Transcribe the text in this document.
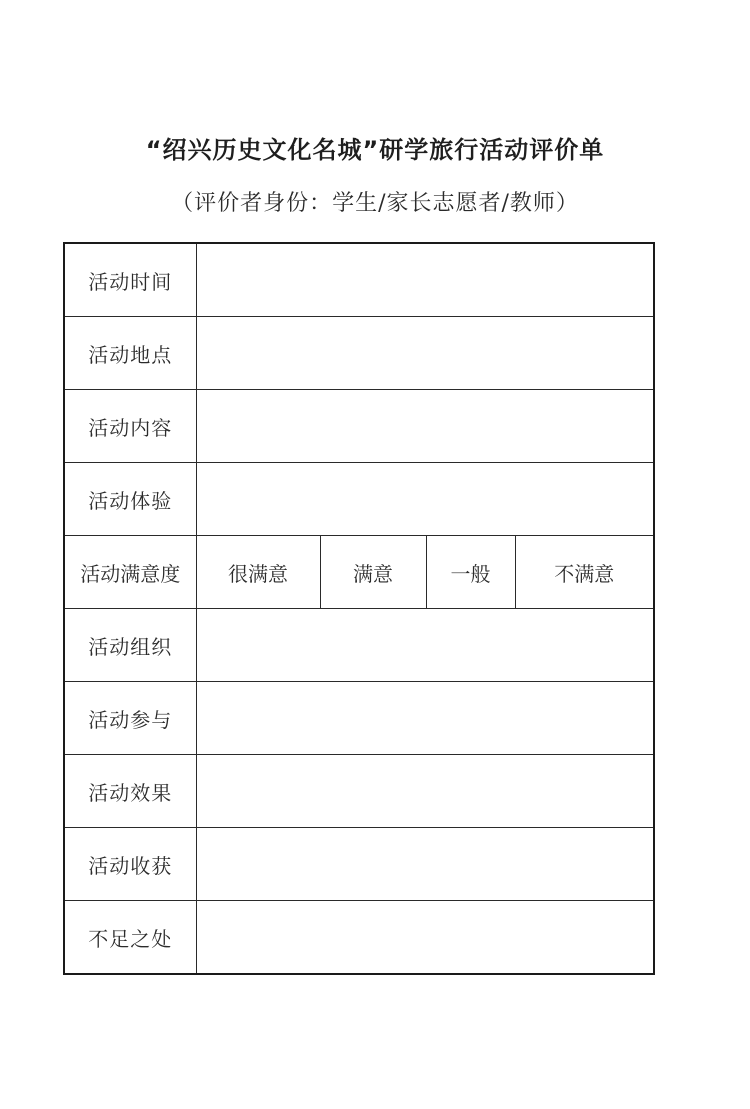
“绍兴历史文化名城”研学旅行活动评价单
（评价者身份：学生/家长志愿者/教师）
活动时间				
活动地点				
活动内容				
活动体验				
活动满意度	很满意	满意	一般	不满意
活动组织				
活动参与				
活动效果				
活动收获				
不足之处				
